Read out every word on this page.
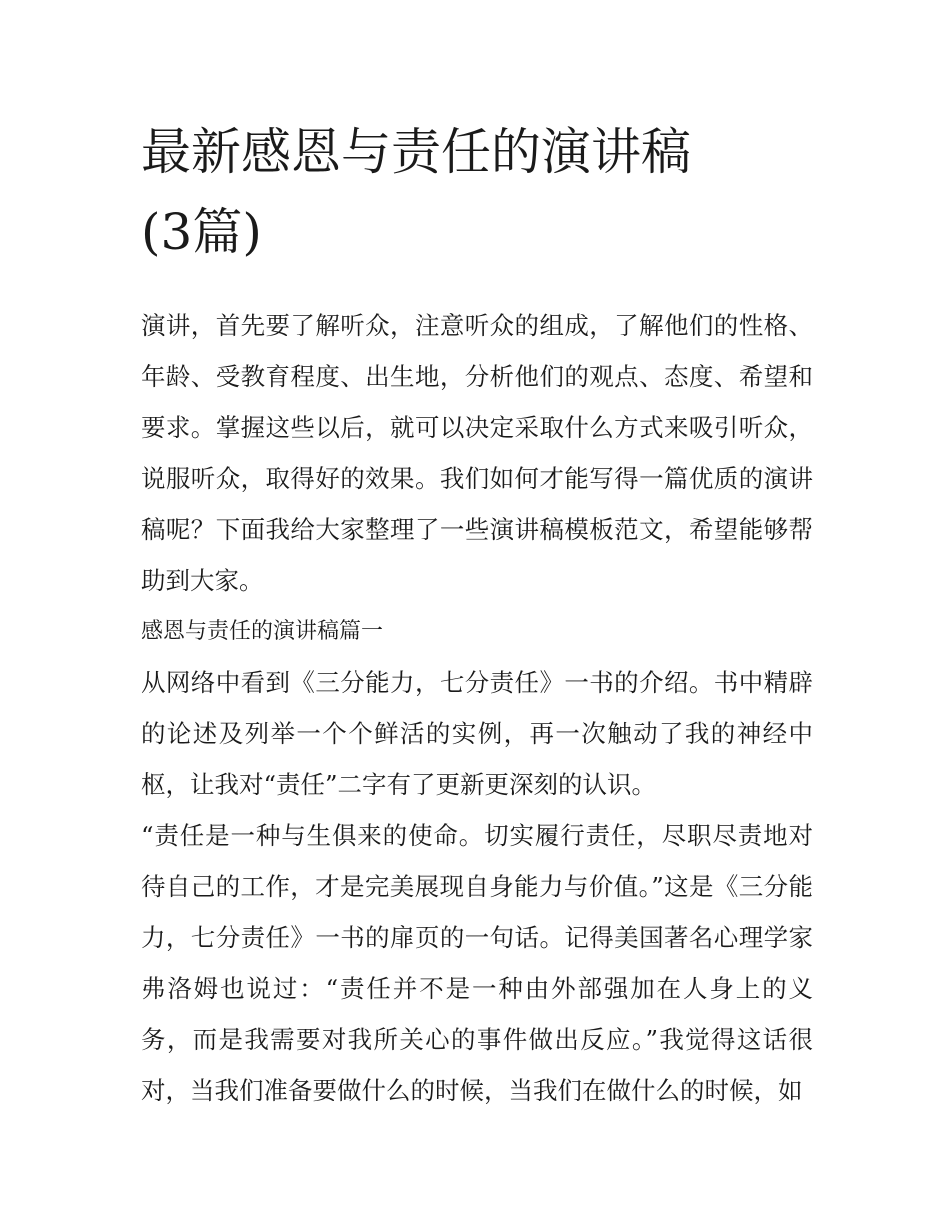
最新感恩与责任的演讲稿(3篇)

演讲，首先要了解听众，注意听众的组成，了解他们的性格、年龄、受教育程度、出生地，分析他们的观点、态度、希望和要求。掌握这些以后，就可以决定采取什么方式来吸引听众，说服听众，取得好的效果。我们如何才能写得一篇优质的演讲稿呢？下面我给大家整理了一些演讲稿模板范文，希望能够帮助到大家。

感恩与责任的演讲稿篇一

从网络中看到《三分能力，七分责任》一书的介绍。书中精辟的论述及列举一个个鲜活的实例，再一次触动了我的神经中枢，让我对“责任”二字有了更新更深刻的认识。

“责任是一种与生俱来的使命。切实履行责任，尽职尽责地对待自己的工作，才是完美展现自身能力与价值。”这是《三分能力，七分责任》一书的扉页的一句话。记得美国著名心理学家弗洛姆也说过：“责任并不是一种由外部强加在人身上的义务，而是我需要对我所关心的事件做出反应。”我觉得这话很对，当我们准备要做什么的时候，当我们在做什么的时候，如
